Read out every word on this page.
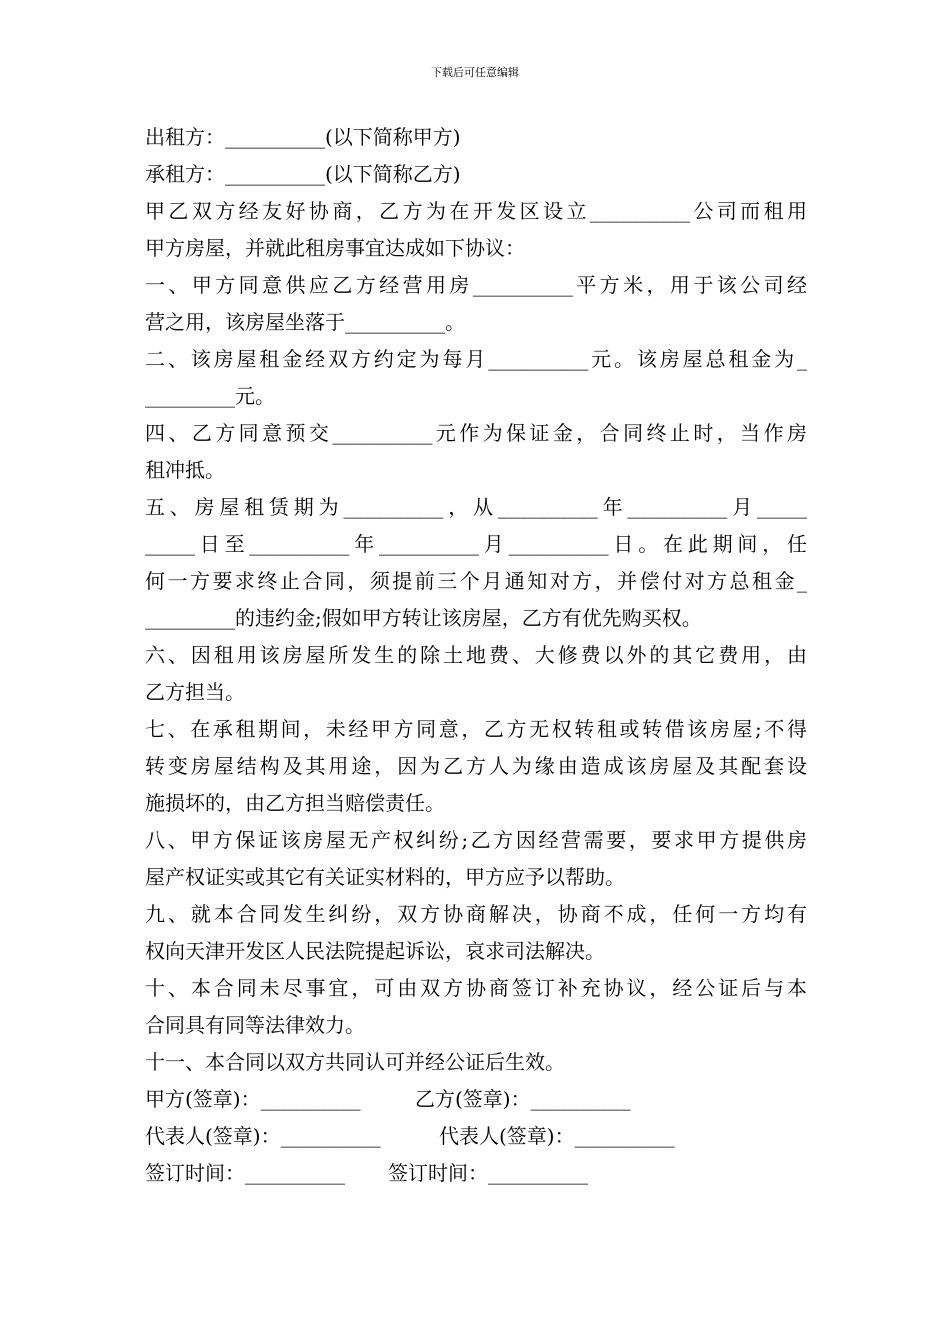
下载后可任意编辑
出租方：__________(以下简称甲方)
承租方：__________(以下简称乙方)
甲乙双方经友好协商，乙方为在开发区设立__________公司而租用
甲方房屋，并就此租房事宜达成如下协议：
一、甲方同意供应乙方经营用房__________平方米，用于该公司经
营之用，该房屋坐落于__________。
二、该房屋租金经双方约定为每月__________元。该房屋总租金为_
_________元。
四、乙方同意预交__________元作为保证金，合同终止时，当作房
租冲抵。
五、房屋租赁期为__________，从__________年__________月_____
_____日至__________年__________月__________日。在此期间，任
何一方要求终止合同，须提前三个月通知对方，并偿付对方总租金_
_________的违约金;假如甲方转让该房屋，乙方有优先购买权。
六、因租用该房屋所发生的除土地费、大修费以外的其它费用，由
乙方担当。
七、在承租期间，未经甲方同意，乙方无权转租或转借该房屋;不得
转变房屋结构及其用途，因为乙方人为缘由造成该房屋及其配套设
施损坏的，由乙方担当赔偿责任。
八、甲方保证该房屋无产权纠纷;乙方因经营需要，要求甲方提供房
屋产权证实或其它有关证实材料的，甲方应予以帮助。
九、就本合同发生纠纷，双方协商解决，协商不成，任何一方均有
权向天津开发区人民法院提起诉讼，哀求司法解决。
十、本合同未尽事宜，可由双方协商签订补充协议，经公证后与本
合同具有同等法律效力。
十一、本合同以双方共同认可并经公证后生效。
甲方(签章)：__________	乙方(签章)：__________
代表人(签章)：__________	代表人(签章)：__________
签订时间：__________ 签订时间：__________
